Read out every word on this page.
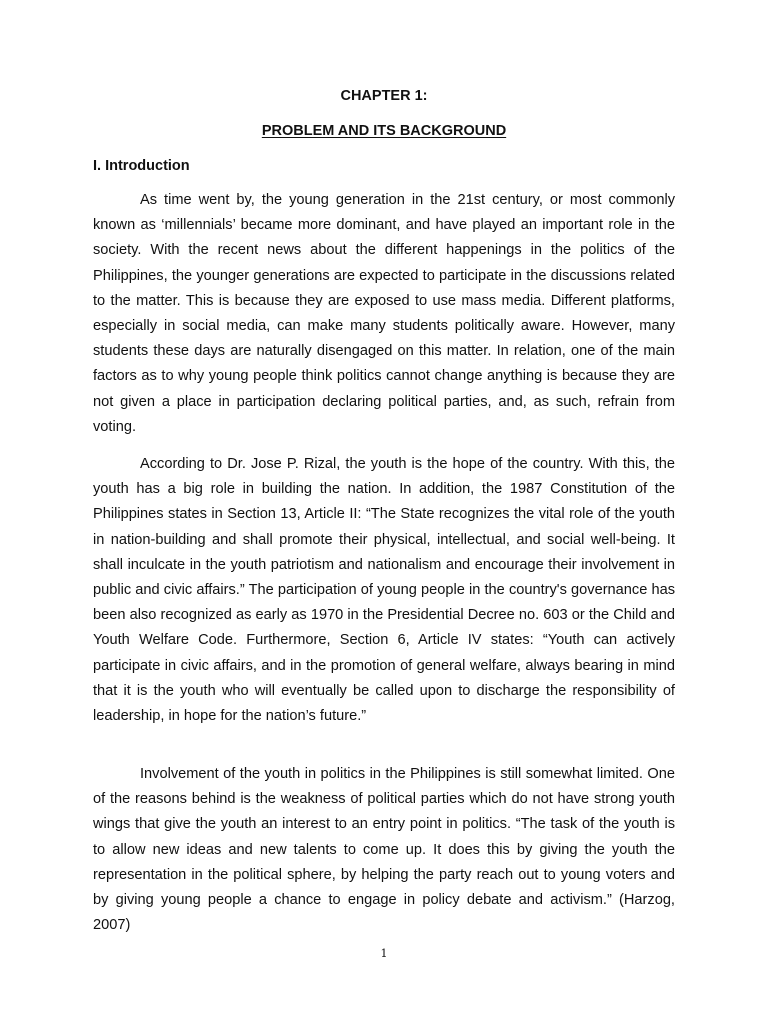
CHAPTER 1:
PROBLEM AND ITS BACKGROUND
I. Introduction

As time went by, the young generation in the 21st century, or most commonly known as ‘millennials’ became more dominant, and have played an important role in the society. With the recent news about the different happenings in the politics of the Philippines, the younger generations are expected to participate in the discussions related to the matter. This is because they are exposed to use mass media. Different platforms, especially in social media, can make many students politically aware. However, many students these days are naturally disengaged on this matter. In relation, one of the main factors as to why young people think politics cannot change anything is because they are not given a place in participation declaring political parties, and, as such, refrain from voting.

According to Dr. Jose P. Rizal, the youth is the hope of the country. With this, the youth has a big role in building the nation. In addition, the 1987 Constitution of the Philippines states in Section 13, Article II: “The State recognizes the vital role of the youth in nation-building and shall promote their physical, intellectual, and social well-being. It shall inculcate in the youth patriotism and nationalism and encourage their involvement in public and civic affairs.” The participation of young people in the country's governance has been also recognized as early as 1970 in the Presidential Decree no. 603 or the Child and Youth Welfare Code. Furthermore, Section 6, Article IV states: “Youth can actively participate in civic affairs, and in the promotion of general welfare, always bearing in mind that it is the youth who will eventually be called upon to discharge the responsibility of leadership, in hope for the nation’s future.”

Involvement of the youth in politics in the Philippines is still somewhat limited. One of the reasons behind is the weakness of political parties which do not have strong youth wings that give the youth an interest to an entry point in politics. “The task of the youth is to allow new ideas and new talents to come up. It does this by giving the youth the representation in the political sphere, by helping the party reach out to young voters and by giving young people a chance to engage in policy debate and activism.” (Harzog, 2007)

1
